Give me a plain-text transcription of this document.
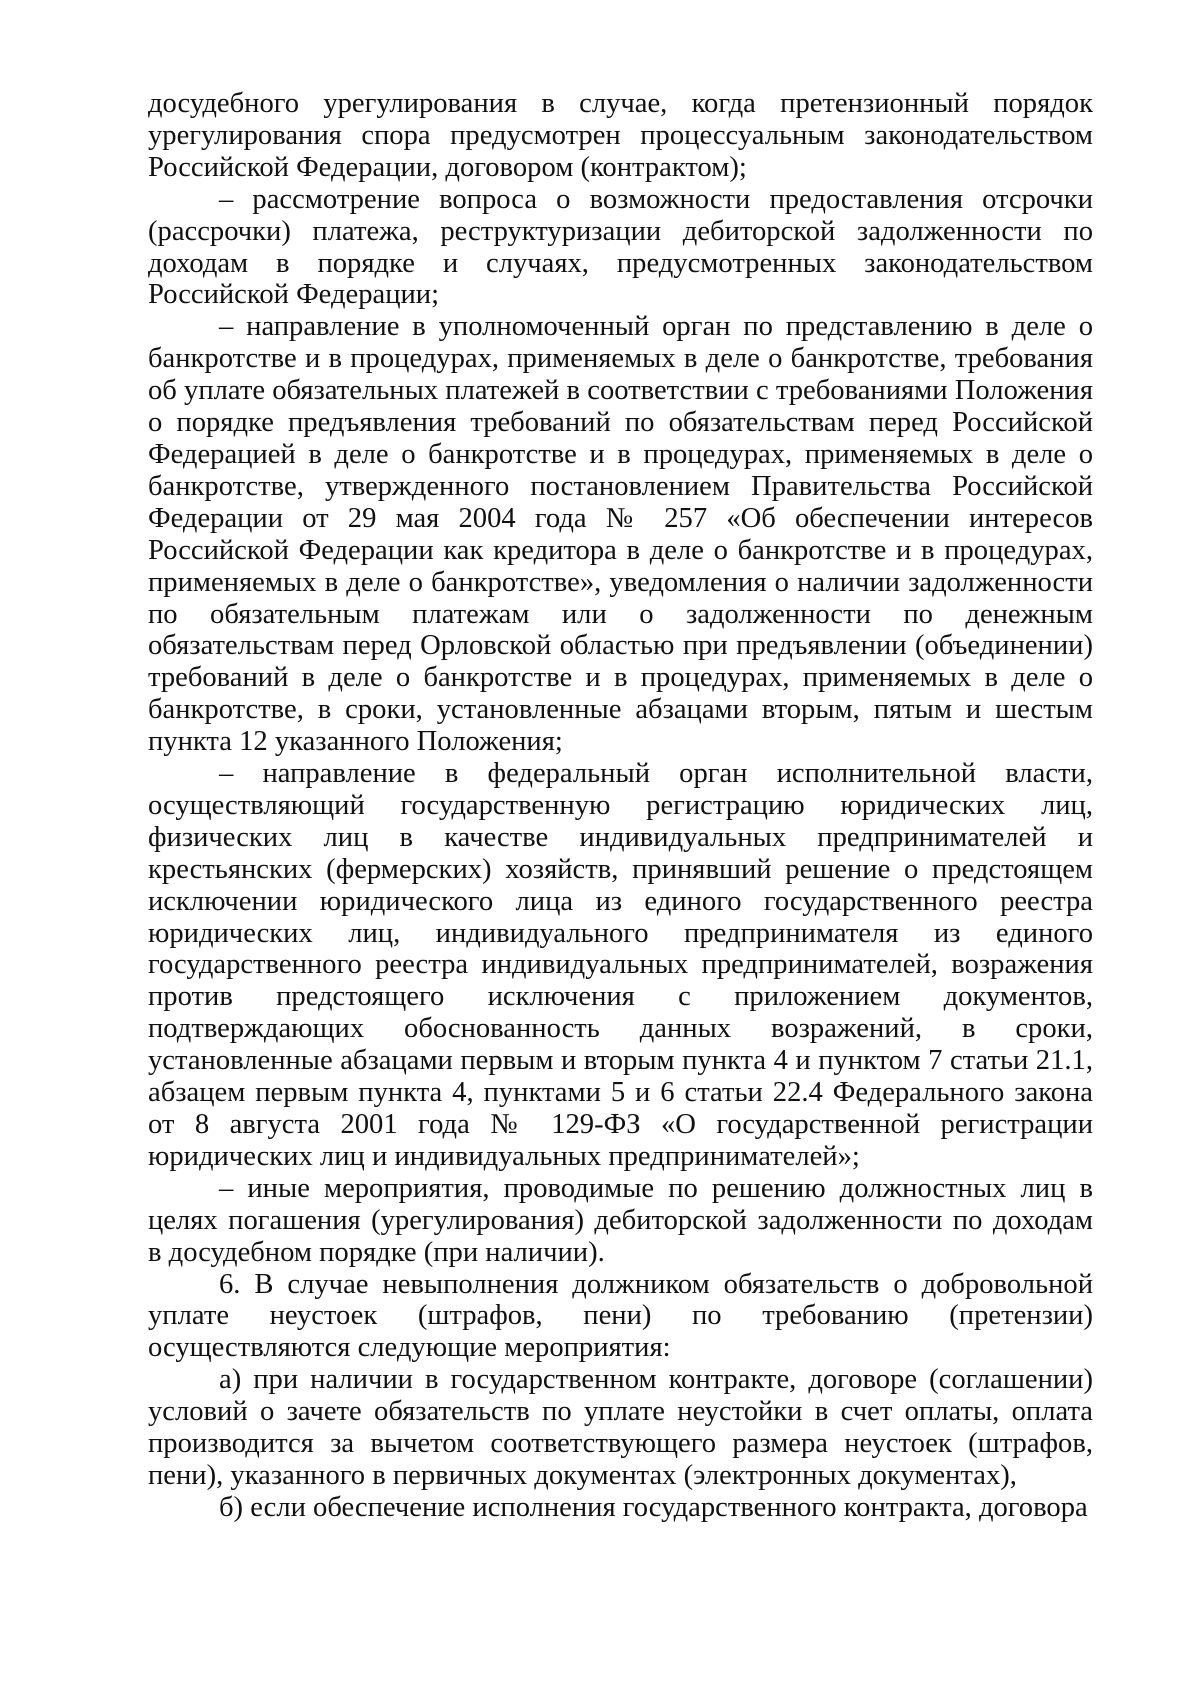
досудебного урегулирования в случае, когда претензионный порядок урегулирования спора предусмотрен процессуальным законодательством Российской Федерации, договором (контрактом);

– рассмотрение вопроса о возможности предоставления отсрочки (рассрочки) платежа, реструктуризации дебиторской задолженности по доходам в порядке и случаях, предусмотренных законодательством Российской Федерации;

– направление в уполномоченный орган по представлению в деле о банкротстве и в процедурах, применяемых в деле о банкротстве, требования об уплате обязательных платежей в соответствии с требованиями Положения о порядке предъявления требований по обязательствам перед Российской Федерацией в деле о банкротстве и в процедурах, применяемых в деле о банкротстве, утвержденного постановлением Правительства Российской Федерации от 29 мая 2004 года № 257 «Об обеспечении интересов Российской Федерации как кредитора в деле о банкротстве и в процедурах, применяемых в деле о банкротстве», уведомления о наличии задолженности по обязательным платежам или о задолженности по денежным обязательствам перед Орловской областью при предъявлении (объединении) требований в деле о банкротстве и в процедурах, применяемых в деле о банкротстве, в сроки, установленные абзацами вторым, пятым и шестым пункта 12 указанного Положения;

– направление в федеральный орган исполнительной власти, осуществляющий государственную регистрацию юридических лиц, физических лиц в качестве индивидуальных предпринимателей и крестьянских (фермерских) хозяйств, принявший решение о предстоящем исключении юридического лица из единого государственного реестра юридических лиц, индивидуального предпринимателя из единого государственного реестра индивидуальных предпринимателей, возражения против предстоящего исключения с приложением документов, подтверждающих обоснованность данных возражений, в сроки, установленные абзацами первым и вторым пункта 4 и пунктом 7 статьи 21.1, абзацем первым пункта 4, пунктами 5 и 6 статьи 22.4 Федерального закона от 8 августа 2001 года № 129-ФЗ «О государственной регистрации юридических лиц и индивидуальных предпринимателей»;

– иные мероприятия, проводимые по решению должностных лиц в целях погашения (урегулирования) дебиторской задолженности по доходам в досудебном порядке (при наличии).

6. В случае невыполнения должником обязательств о добровольной уплате неустоек (штрафов, пени) по требованию (претензии) осуществляются следующие мероприятия:

а) при наличии в государственном контракте, договоре (соглашении) условий о зачете обязательств по уплате неустойки в счет оплаты, оплата производится за вычетом соответствующего размера неустоек (штрафов, пени), указанного в первичных документах (электронных документах),

б) если обеспечение исполнения государственного контракта, договора
